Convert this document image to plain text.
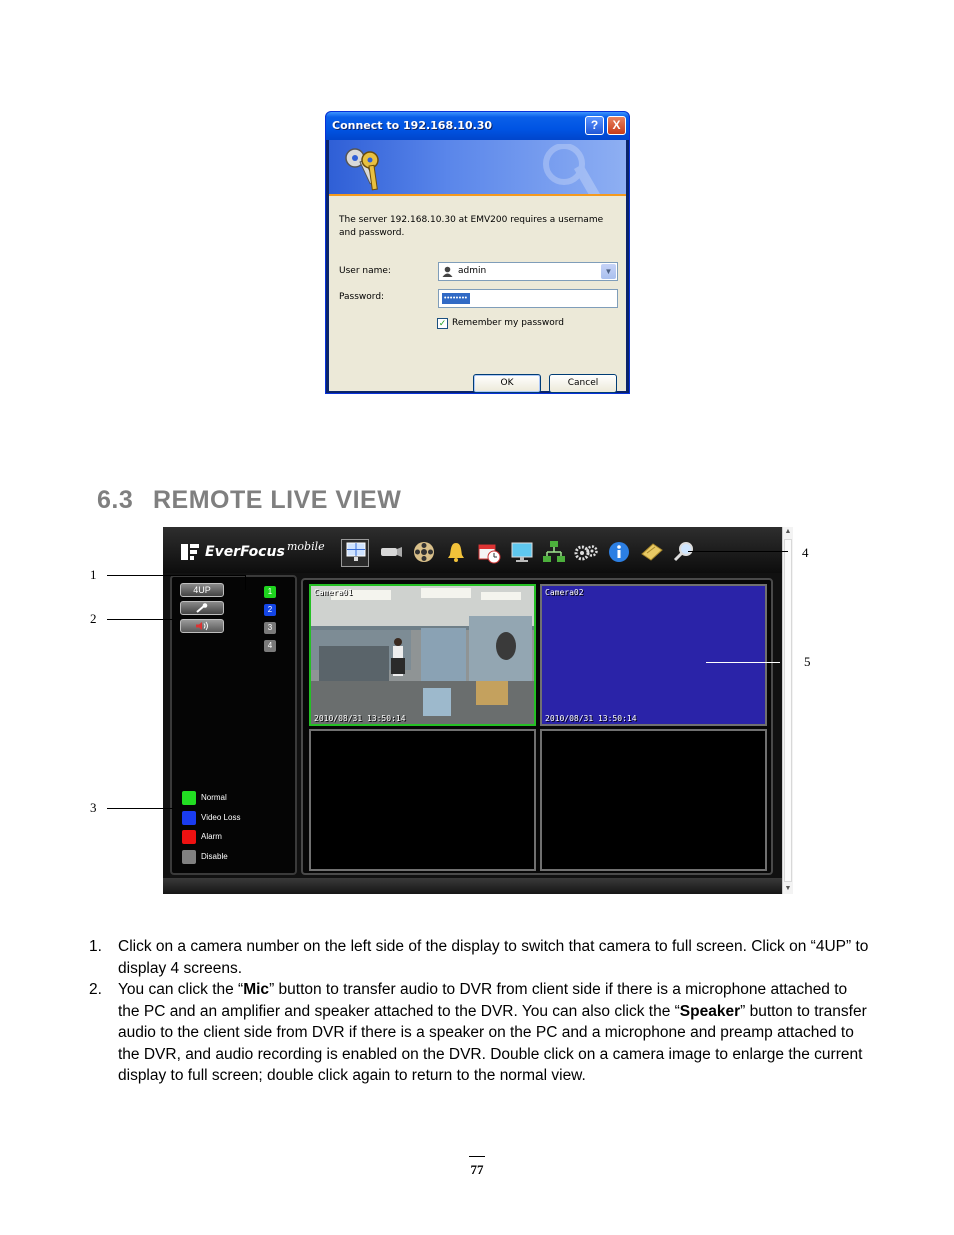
Connect to 192.168.10.30	?	X
The server 192.168.10.30 at EMV200 requires a username and password.
User name:	admin	▼
Password:	••••••••
✓ Remember my password
OK	Cancel
6.3 REMOTE LIVE VIEW
EverFocus mobile
4UP	1
2
3
4
Normal
Video Loss
Alarm
Disable
Camera01
2010/08/31 13:50:14
Camera02
2010/08/31 13:50:14
▲
▼
1
2
3
4
5
1. Click on a camera number on the left side of the display to switch that camera to full screen. Click on “4UP” to display 4 screens.
2. You can click the “Mic” button to transfer audio to DVR from client side if there is a microphone attached to the PC and an amplifier and speaker attached to the DVR. You can also click the “Speaker” button to transfer audio to the client side from DVR if there is a speaker on the PC and a microphone and preamp attached to the DVR, and audio recording is enabled on the DVR. Double click on a camera image to enlarge the current display to full screen; double click again to return to the normal view.
77
